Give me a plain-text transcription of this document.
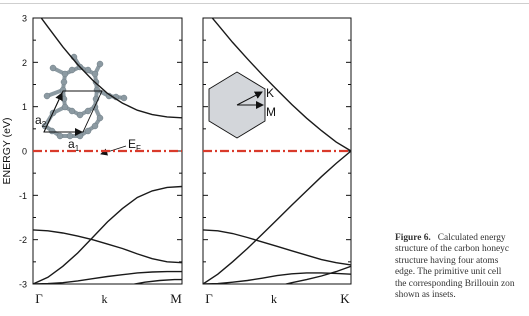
3
2
1
0
-1
-2
-3
ENERGY (eV)	$a_1$
$a_2$
$E_F$
Γ	k	M
K
M
Γ	k	K
Figure 6. Calculated energy
structure of the carbon honeyc
structure having four atoms
edge. The primitive unit cell
the corresponding Brillouin zon
shown as insets.
